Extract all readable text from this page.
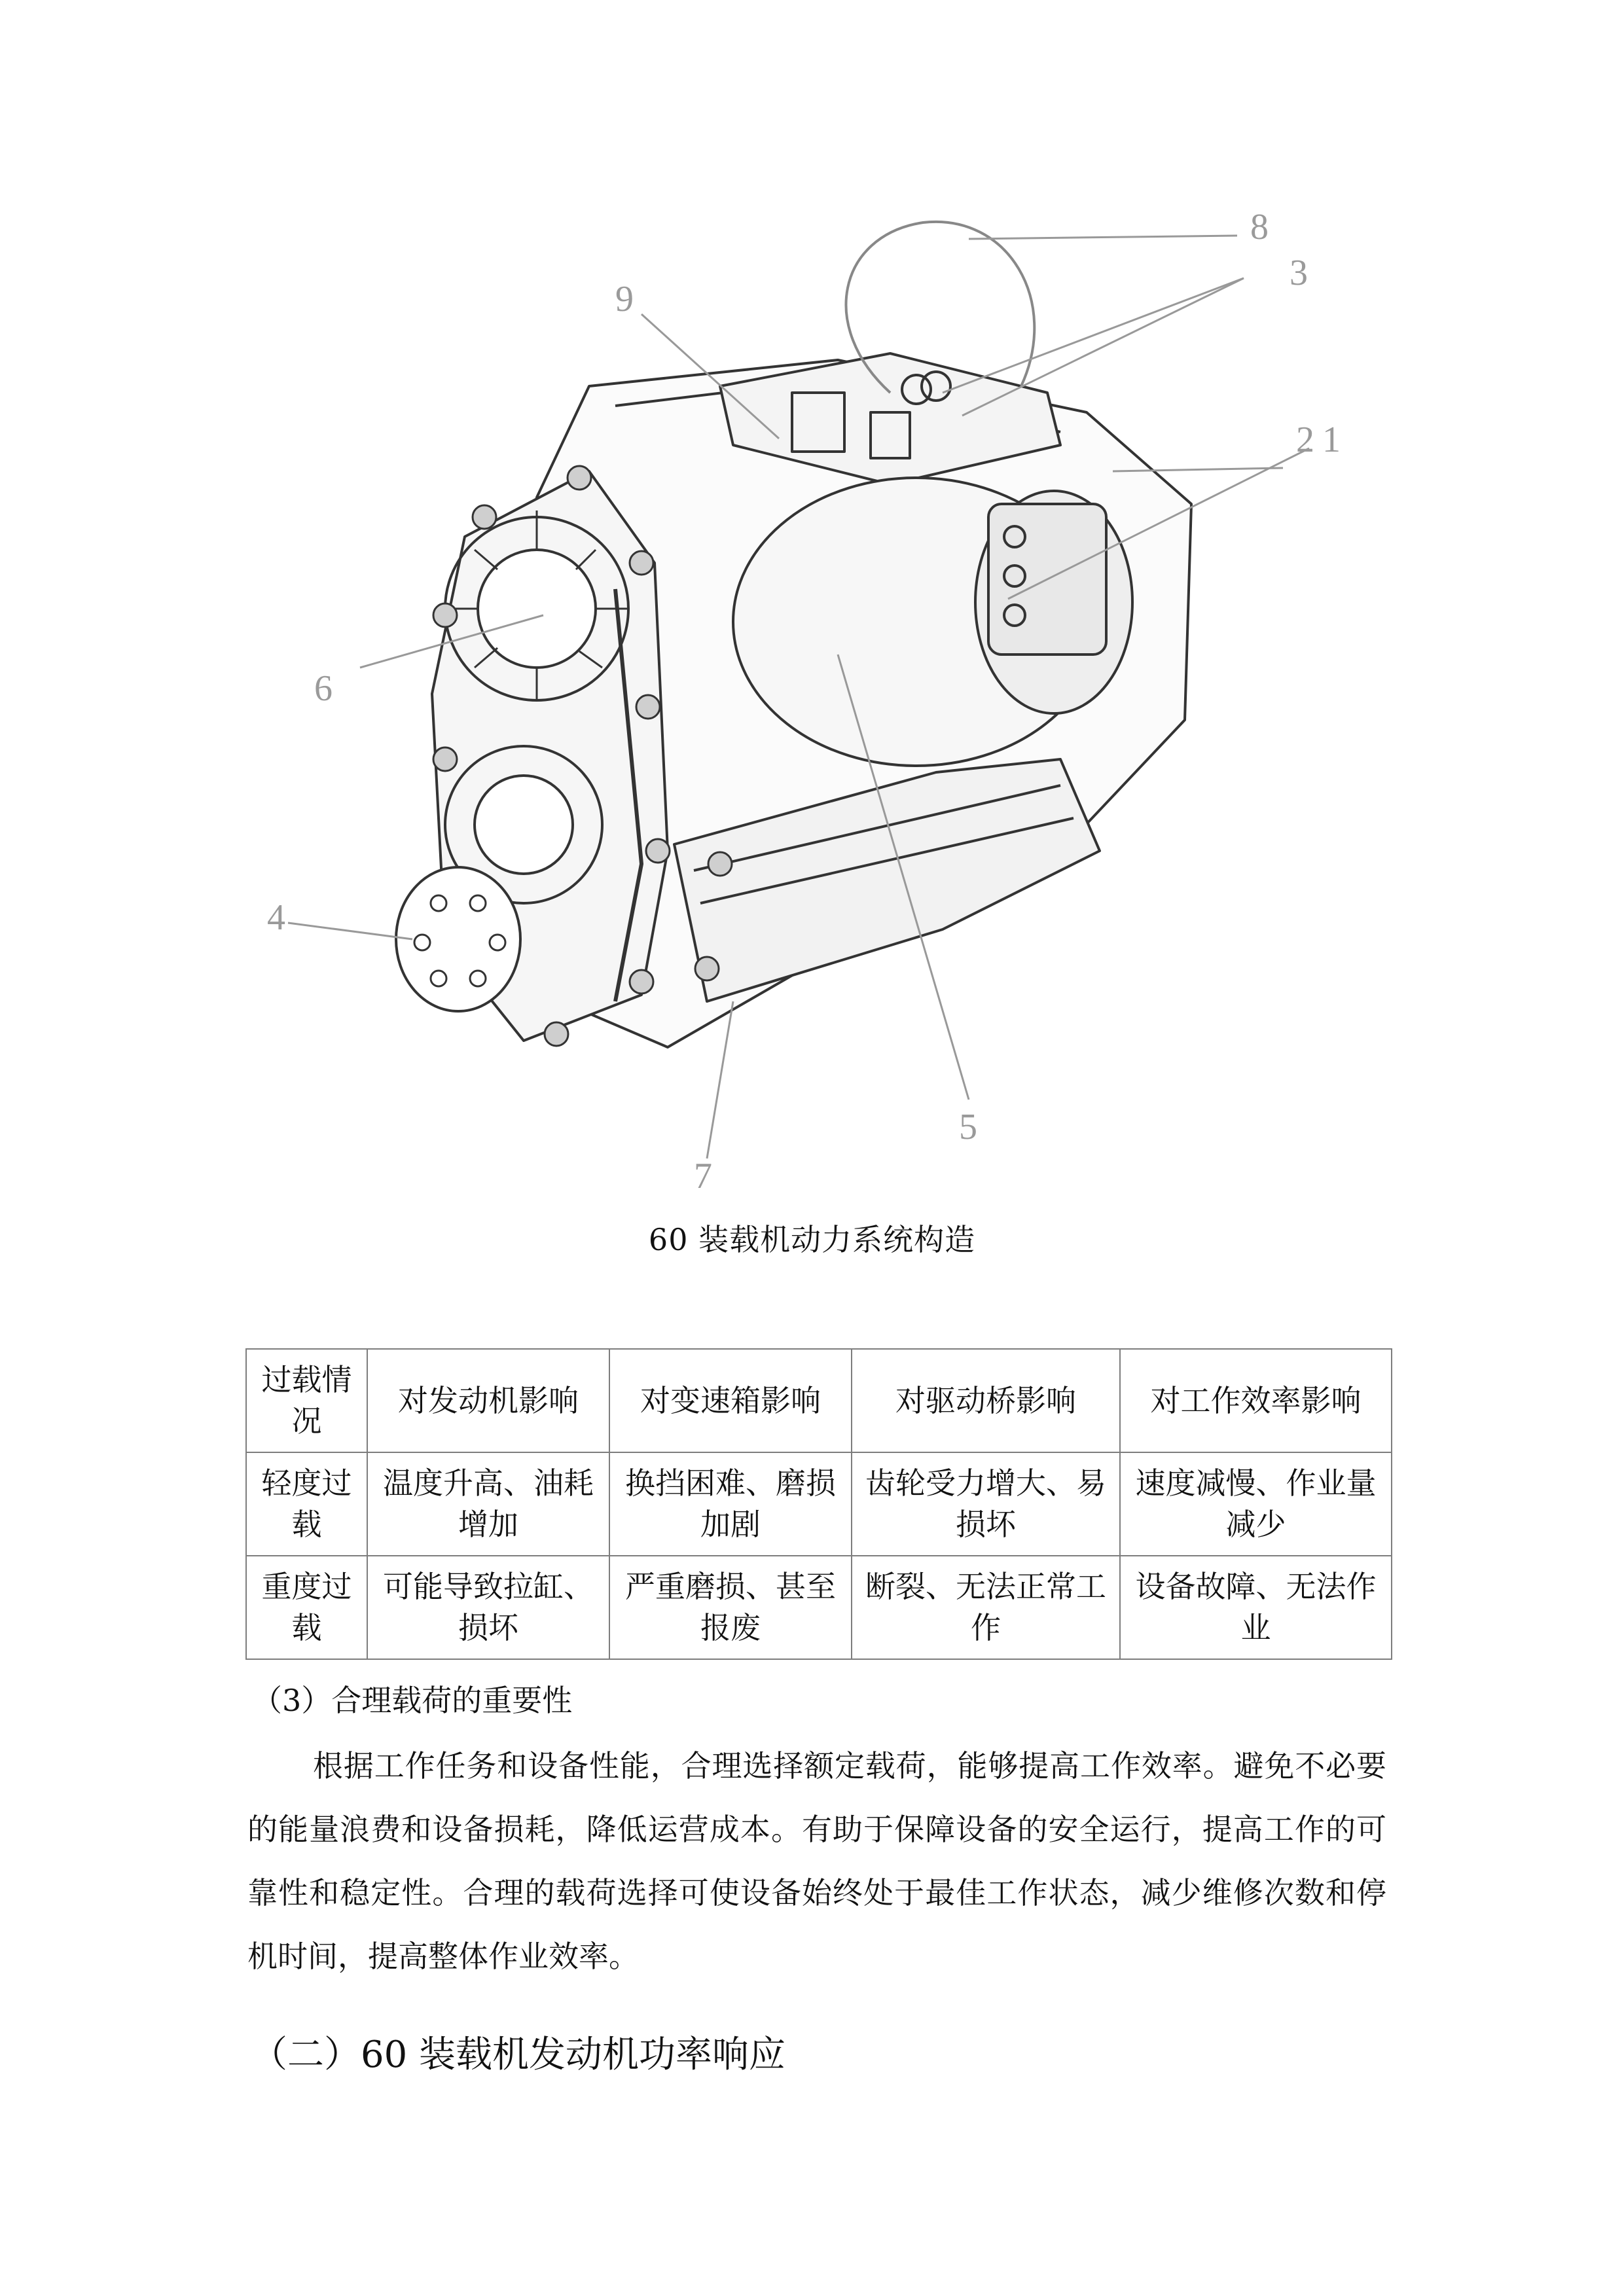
1
2
3
4
5
6
7
8
9
60 装载机动力系统构造
过载情况	对发动机影响	对变速箱影响	对驱动桥影响	对工作效率影响
轻度过载	温度升高、油耗增加	换挡困难、磨损加剧	齿轮受力增大、易损坏	速度减慢、作业量减少
重度过载	可能导致拉缸、损坏	严重磨损、甚至报废	断裂、无法正常工作	设备故障、无法作业
（3）合理载荷的重要性

根据工作任务和设备性能，合理选择额定载荷，能够提高工作效率。避免不必要的能量浪费和设备损耗，降低运营成本。有助于保障设备的安全运行，提高工作的可靠性和稳定性。合理的载荷选择可使设备始终处于最佳工作状态，减少维修次数和停机时间，提高整体作业效率。

（二）60 装载机发动机功率响应
